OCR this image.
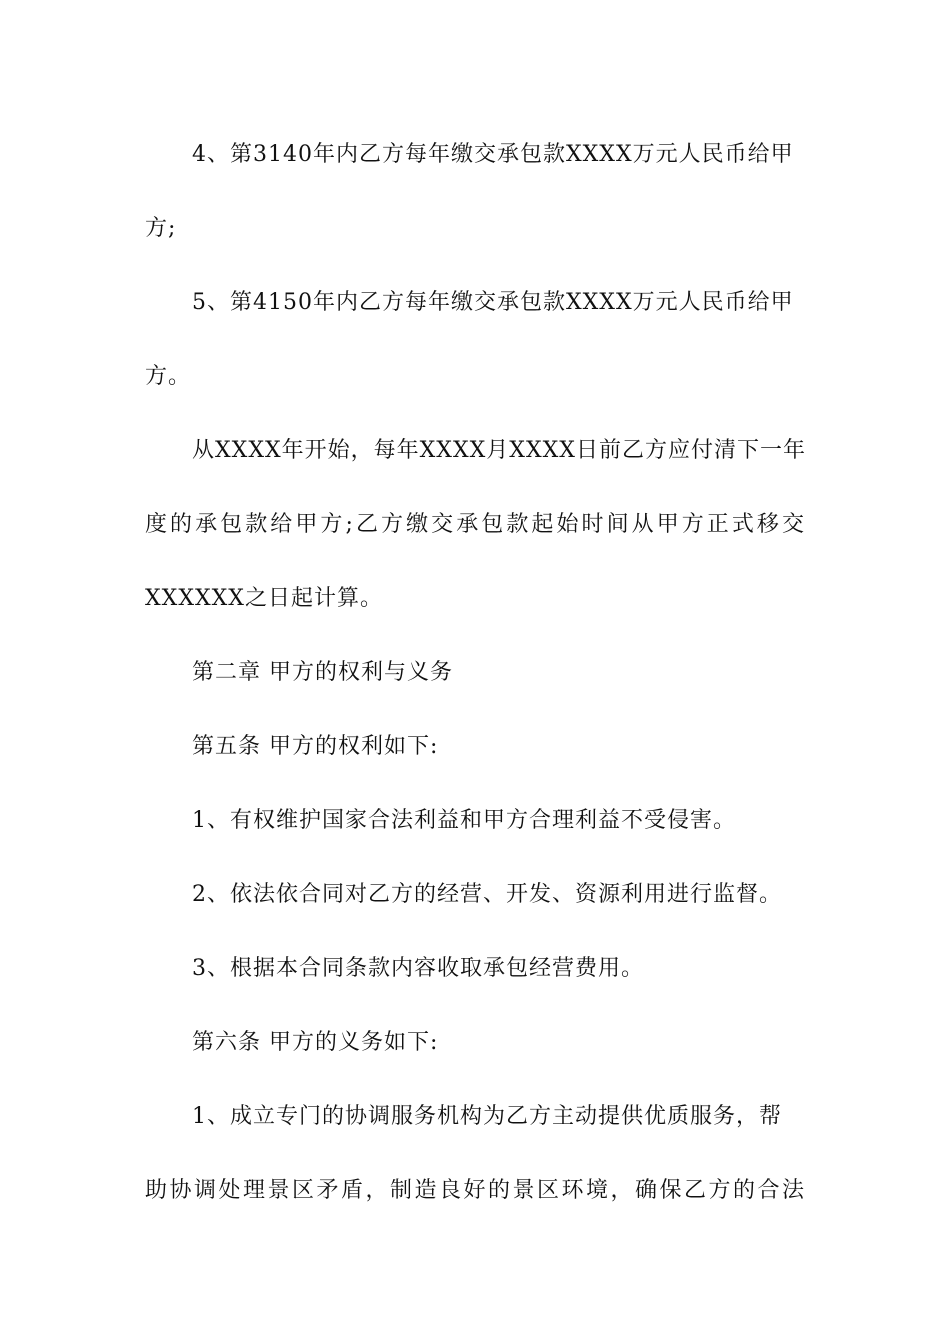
4、第3140年内乙方每年缴交承包款XXXX万元人民币给甲
方;
5、第4150年内乙方每年缴交承包款XXXX万元人民币给甲
方。
从XXXX年开始，每年XXXX月XXXX日前乙方应付清下一年
度的承包款给甲方;乙方缴交承包款起始时间从甲方正式移交
XXXXXX之日起计算。
第二章 甲方的权利与义务
第五条 甲方的权利如下:
1、有权维护国家合法利益和甲方合理利益不受侵害。
2、依法依合同对乙方的经营、开发、资源利用进行监督。
3、根据本合同条款内容收取承包经营费用。
第六条 甲方的义务如下:
1、成立专门的协调服务机构为乙方主动提供优质服务，帮
助协调处理景区矛盾，制造良好的景区环境，确保乙方的合法
